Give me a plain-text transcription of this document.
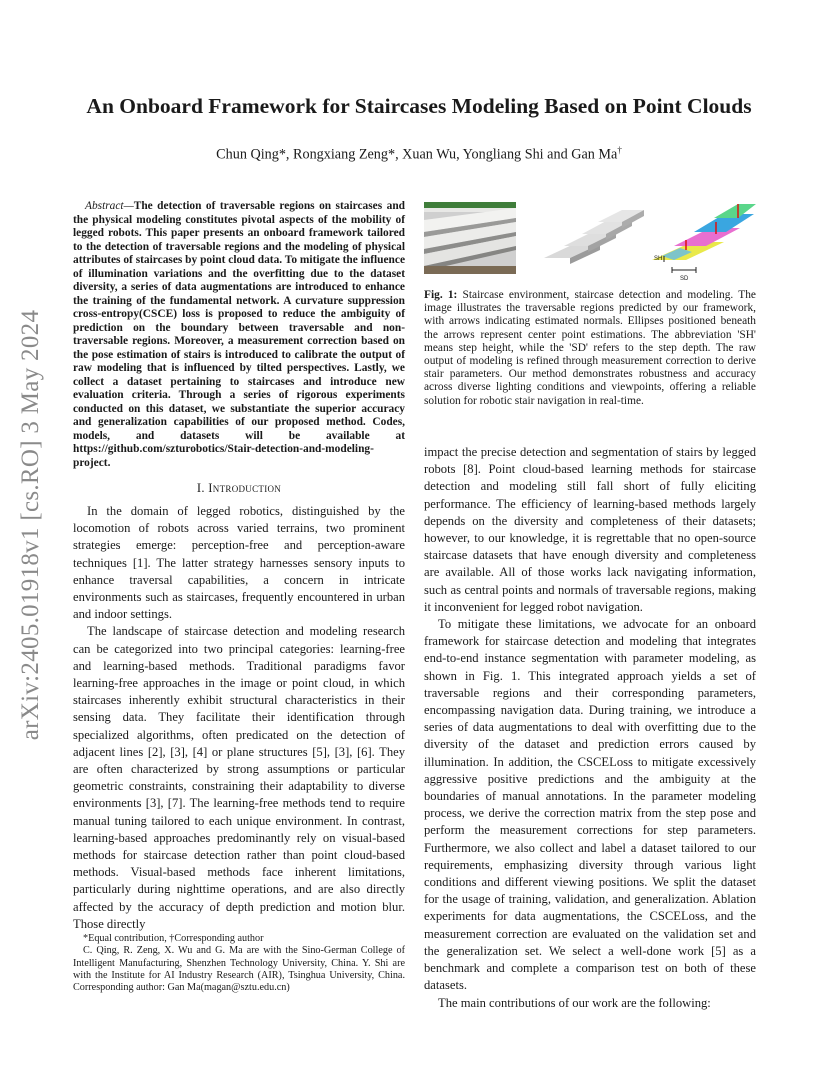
arXiv:2405.01918v1 [cs.RO] 3 May 2024
An Onboard Framework for Staircases Modeling Based on Point Clouds
Chun Qing*, Rongxiang Zeng*, Xuan Wu, Yongliang Shi and Gan Ma†

Abstract—The detection of traversable regions on staircases and the physical modeling constitutes pivotal aspects of the mobility of legged robots. This paper presents an onboard framework tailored to the detection of traversable regions and the modeling of physical attributes of staircases by point cloud data. To mitigate the influence of illumination variations and the overfitting due to the dataset diversity, a series of data augmentations are introduced to enhance the training of the fundamental network. A curvature suppression cross-entropy(CSCE) loss is proposed to reduce the ambiguity of prediction on the boundary between traversable and non-traversable regions. Moreover, a measurement correction based on the pose estimation of stairs is introduced to calibrate the output of raw modeling that is influenced by tilted perspectives. Lastly, we collect a dataset pertaining to staircases and introduce new evaluation criteria. Through a series of rigorous experiments conducted on this dataset, we substantiate the superior accuracy and generalization capabilities of our proposed method. Codes, models, and datasets will be available at https://github.com/szturobotics/Stair-detection-and-modeling-project.

I. Introduction

In the domain of legged robotics, distinguished by the locomotion of robots across varied terrains, two prominent strategies emerge: perception-free and perception-aware techniques [1]. The latter strategy harnesses sensory inputs to enhance traversal capabilities, a concern in intricate environments such as staircases, frequently encountered in urban and indoor settings.

The landscape of staircase detection and modeling research can be categorized into two principal categories: learning-free and learning-based methods. Traditional paradigms favor learning-free approaches in the image or point cloud, in which staircases inherently exhibit structural characteristics in their sensing data. They facilitate their identification through specialized algorithms, often predicated on the detection of adjacent lines [2], [3], [4] or plane structures [5], [3], [6]. They are often characterized by strong assumptions or particular geometric constraints, constraining their adaptability to diverse environments [3], [7]. The learning-free methods tend to require manual tuning tailored to each unique environment. In contrast, learning-based approaches predominantly rely on visual-based methods for staircase detection rather than point cloud-based methods. Visual-based methods face inherent limitations, particularly during nighttime operations, and are also directly affected by the accuracy of depth prediction and motion blur. Those directly

*Equal contribution, †Corresponding author

C. Qing, R. Zeng, X. Wu and G. Ma are with the Sino-German College of Intelligent Manufacturing, Shenzhen Technology University, China. Y. Shi are with the Institute for AI Industry Research (AIR), Tsinghua University, China. Corresponding author: Gan Ma(magan@sztu.edu.cn)

SH
SD

Fig. 1: Staircase environment, staircase detection and modeling. The image illustrates the traversable regions predicted by our framework, with arrows indicating estimated normals. Ellipses positioned beneath the arrows represent center point estimations. The abbreviation 'SH' means step height, while the 'SD' refers to the step depth. The raw output of modeling is refined through measurement correction to derive stair parameters. Our method demonstrates robustness and accuracy across diverse lighting conditions and viewpoints, offering a reliable solution for robotic stair navigation in real-time.

impact the precise detection and segmentation of stairs by legged robots [8]. Point cloud-based learning methods for staircase detection and modeling still fall short of fully eliciting performance. The efficiency of learning-based methods largely depends on the diversity and completeness of their datasets; however, to our knowledge, it is regrettable that no open-source staircase datasets that have enough diversity and completeness are available. All of those works lack navigating information, such as central points and normals of traversable regions, making it inconvenient for legged robot navigation.

To mitigate these limitations, we advocate for an onboard framework for staircase detection and modeling that integrates end-to-end instance segmentation with parameter modeling, as shown in Fig. 1. This integrated approach yields a set of traversable regions and their corresponding parameters, encompassing navigation data. During training, we introduce a series of data augmentations to deal with overfitting due to the diversity of the dataset and prediction errors caused by illumination. In addition, the CSCELoss to mitigate excessively aggressive positive predictions and the ambiguity at the boundaries of manual annotations. In the parameter modeling process, we derive the correction matrix from the step pose and perform the measurement corrections for step parameters. Furthermore, we also collect and label a dataset tailored to our requirements, emphasizing diversity through various light conditions and different viewing positions. We split the dataset for the usage of training, validation, and generalization. Ablation experiments for data augmentations, the CSCELoss, and the measurement correction are evaluated on the validation set and the generalization set. We select a well-done work [5] as a benchmark and complete a comparison test on both of these datasets.

The main contributions of our work are the following:
